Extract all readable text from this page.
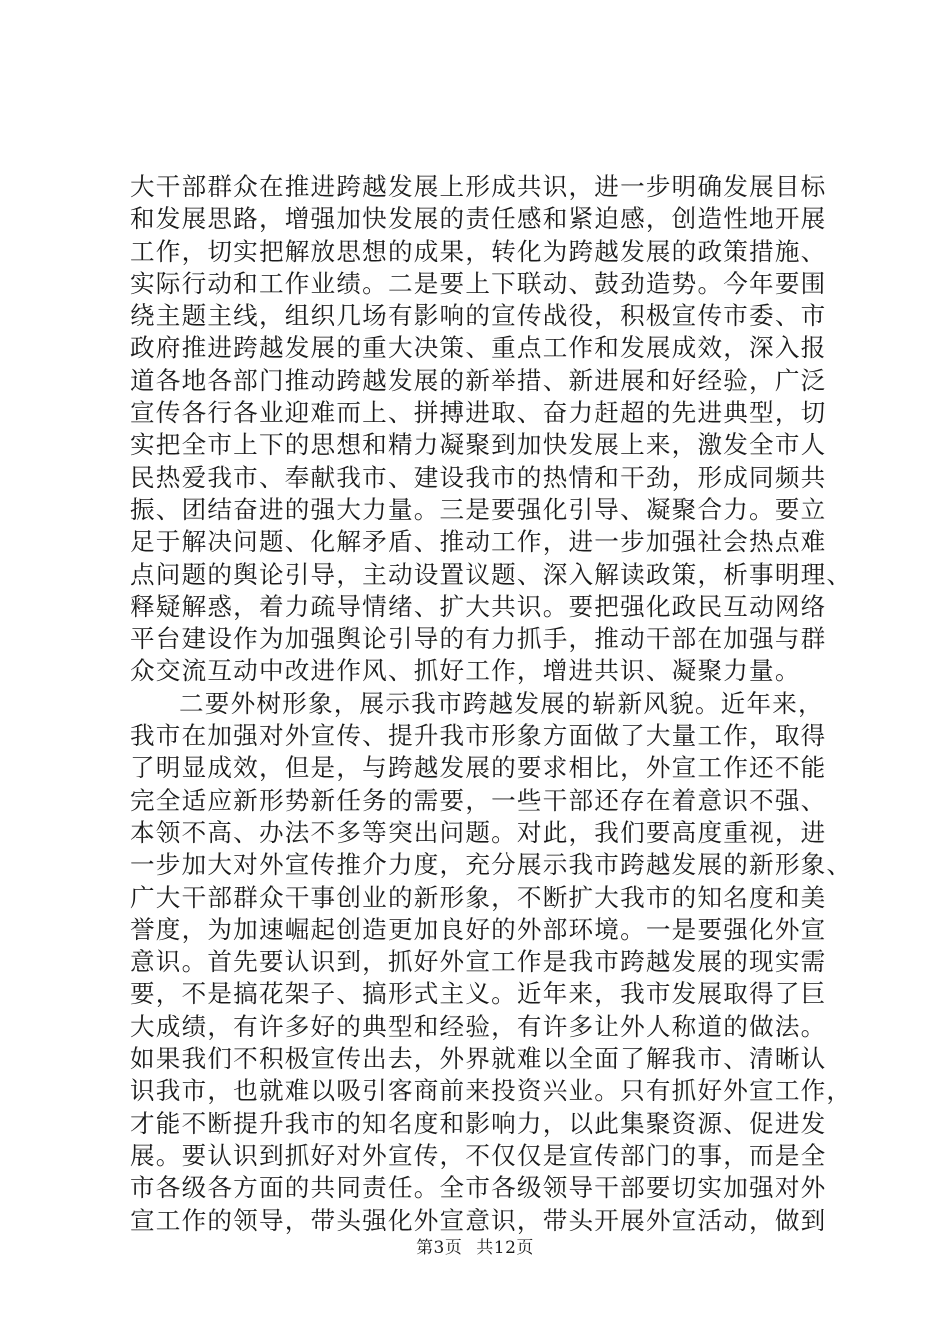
大干部群众在推进跨越发展上形成共识，进一步明确发展目标
和发展思路，增强加快发展的责任感和紧迫感，创造性地开展
工作，切实把解放思想的成果，转化为跨越发展的政策措施、
实际行动和工作业绩。二是要上下联动、鼓劲造势。今年要围
绕主题主线，组织几场有影响的宣传战役，积极宣传市委、市
政府推进跨越发展的重大决策、重点工作和发展成效，深入报
道各地各部门推动跨越发展的新举措、新进展和好经验，广泛
宣传各行各业迎难而上、拼搏进取、奋力赶超的先进典型，切
实把全市上下的思想和精力凝聚到加快发展上来，激发全市人
民热爱我市、奉献我市、建设我市的热情和干劲，形成同频共
振、团结奋进的强大力量。三是要强化引导、凝聚合力。要立
足于解决问题、化解矛盾、推动工作，进一步加强社会热点难
点问题的舆论引导，主动设置议题、深入解读政策，析事明理、
释疑解惑，着力疏导情绪、扩大共识。要把强化政民互动网络
平台建设作为加强舆论引导的有力抓手，推动干部在加强与群
众交流互动中改进作风、抓好工作，增进共识、凝聚力量。
二要外树形象，展示我市跨越发展的崭新风貌。近年来，
我市在加强对外宣传、提升我市形象方面做了大量工作，取得
了明显成效，但是，与跨越发展的要求相比，外宣工作还不能
完全适应新形势新任务的需要，一些干部还存在着意识不强、
本领不高、办法不多等突出问题。对此，我们要高度重视，进
一步加大对外宣传推介力度，充分展示我市跨越发展的新形象、
广大干部群众干事创业的新形象，不断扩大我市的知名度和美
誉度，为加速崛起创造更加良好的外部环境。一是要强化外宣
意识。首先要认识到，抓好外宣工作是我市跨越发展的现实需
要，不是搞花架子、搞形式主义。近年来，我市发展取得了巨
大成绩，有许多好的典型和经验，有许多让外人称道的做法。
如果我们不积极宣传出去，外界就难以全面了解我市、清晰认
识我市，也就难以吸引客商前来投资兴业。只有抓好外宣工作，
才能不断提升我市的知名度和影响力，以此集聚资源、促进发
展。要认识到抓好对外宣传，不仅仅是宣传部门的事，而是全
市各级各方面的共同责任。全市各级领导干部要切实加强对外
宣工作的领导，带头强化外宣意识，带头开展外宣活动，做到
第3页 共12页
